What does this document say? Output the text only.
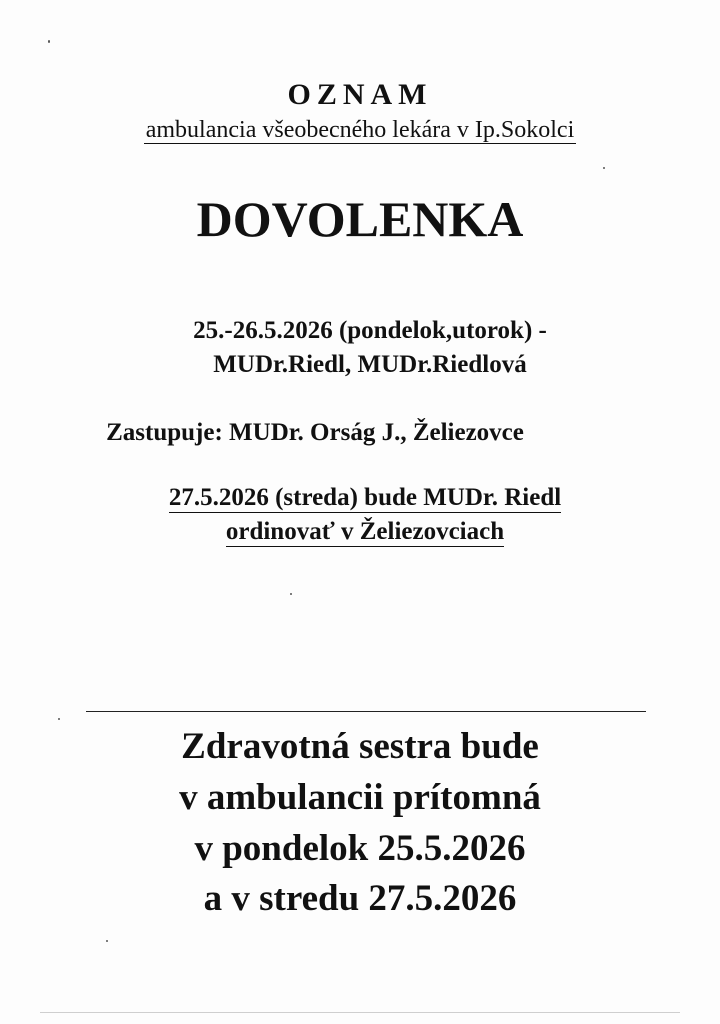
OZNAM

ambulancia všeobecného lekára v Ip.Sokolci

DOVOLENKA

25.-26.5.2026 (pondelok,utorok) -

MUDr.Riedl, MUDr.Riedlová

Zastupuje: MUDr. Orság J., Želiezovce

27.5.2026 (streda) bude MUDr. Riedl

ordinovať v Želiezovciach

Zdravotná sestra bude

v ambulancii prítomná

v pondelok 25.5.2026

a v stredu 27.5.2026
